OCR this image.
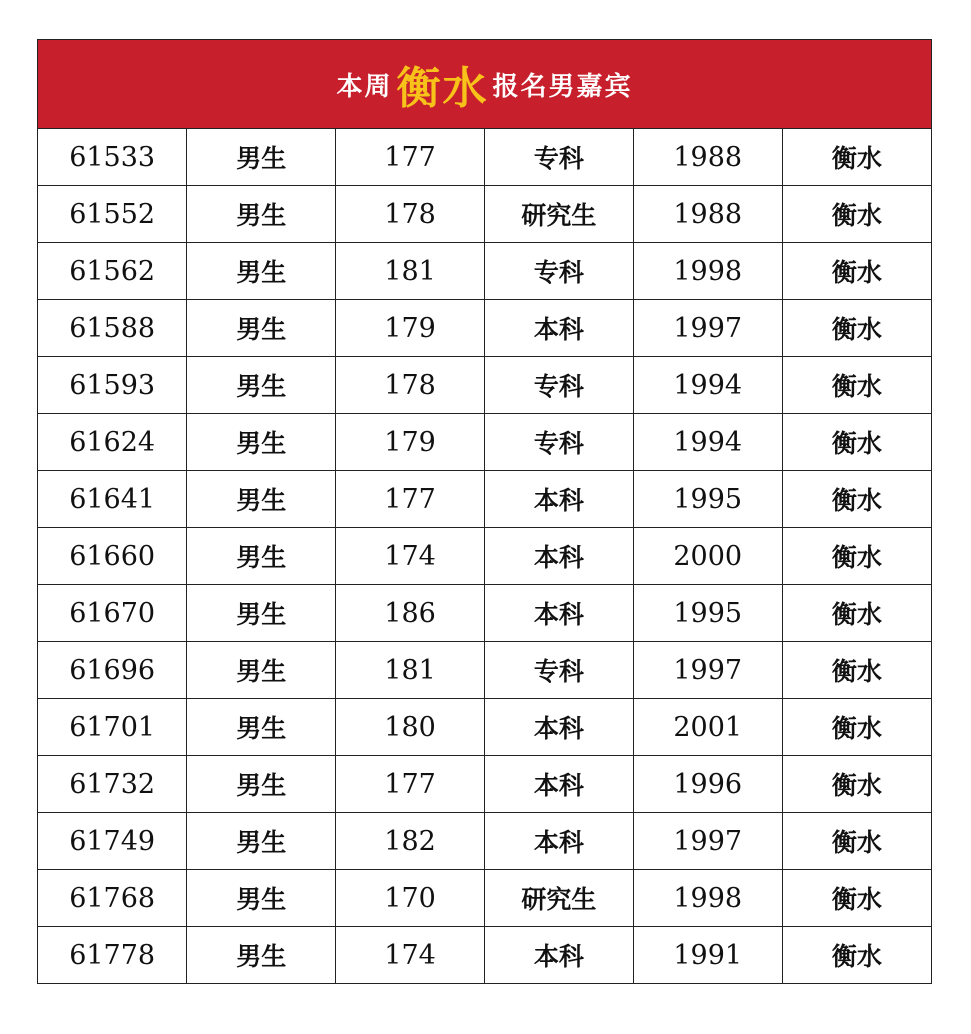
本周 衡水 报名男嘉宾
61533	男生	177	专科	1988	衡水
61552	男生	178	研究生	1988	衡水
61562	男生	181	专科	1998	衡水
61588	男生	179	本科	1997	衡水
61593	男生	178	专科	1994	衡水
61624	男生	179	专科	1994	衡水
61641	男生	177	本科	1995	衡水
61660	男生	174	本科	2000	衡水
61670	男生	186	本科	1995	衡水
61696	男生	181	专科	1997	衡水
61701	男生	180	本科	2001	衡水
61732	男生	177	本科	1996	衡水
61749	男生	182	本科	1997	衡水
61768	男生	170	研究生	1998	衡水
61778	男生	174	本科	1991	衡水
